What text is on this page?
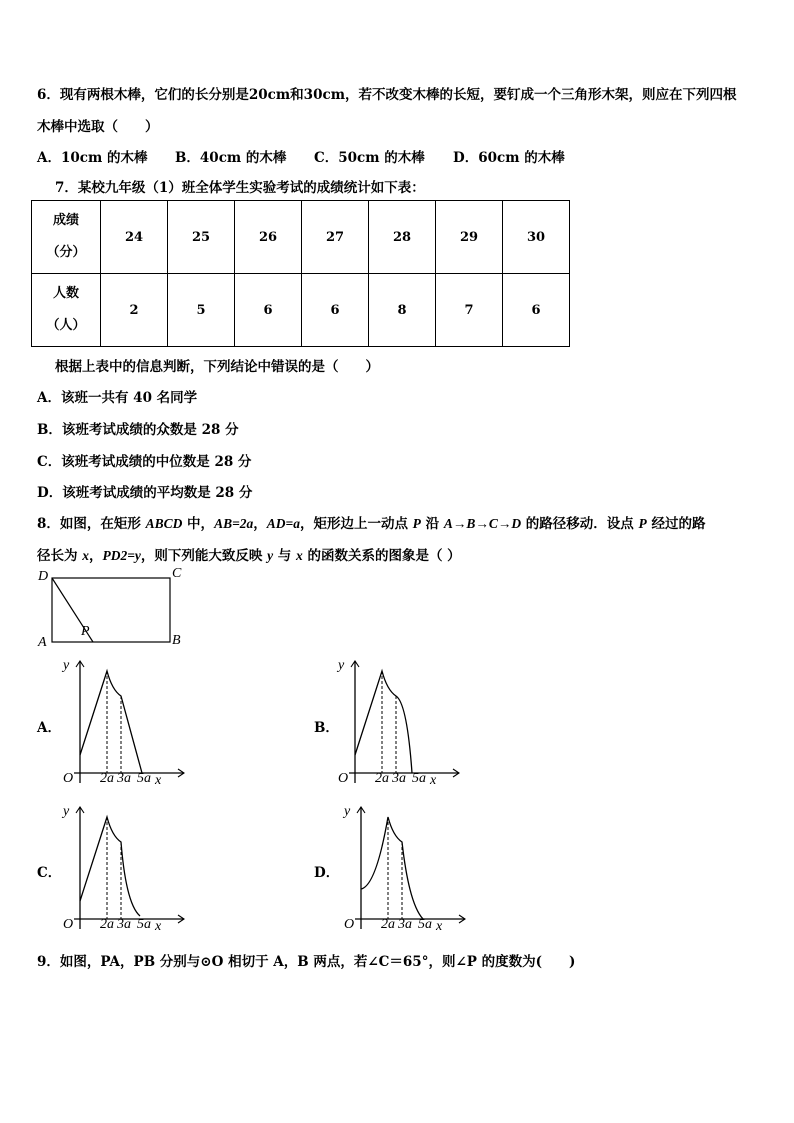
6．现有两根木棒，它们的长分别是20cm和30cm，若不改变木棒的长短，要钉成一个三角形木架，则应在下列四根
木棒中选取（　　）
A．10cm 的木棒 B．40cm 的木棒 C．50cm 的木棒 D．60cm 的木棒
7．某校九年级（1）班全体学生实验考试的成绩统计如下表：
成绩
（分）	24	25	26	27	28	29	30
人数
（人）	2	5	6	6	8	7	6
根据上表中的信息判断，下列结论中错误的是（　　）
A．该班一共有 40 名同学
B．该班考试成绩的众数是 28 分
C．该班考试成绩的中位数是 28 分
D．该班考试成绩的平均数是 28 分
8．如图，在矩形 ABCD 中，AB=2a，AD=a，矩形边上一动点 P 沿 A→B→C→D 的路径移动．设点 P 经过的路
径长为 x，PD2=y，则下列能大致反映 y 与 x 的函数关系的图象是（ ）
D	C
A	B
P
A．	B．
C．	D．
y
O 2a 3a 5a x
y
O 2a 3a 5a x
y
O 2a 3a 5a x
y
O 2a 3a 5a x
9．如图，PA，PB 分别与⊙O 相切于 A，B 两点，若∠C＝65°，则∠P 的度数为(　　)
